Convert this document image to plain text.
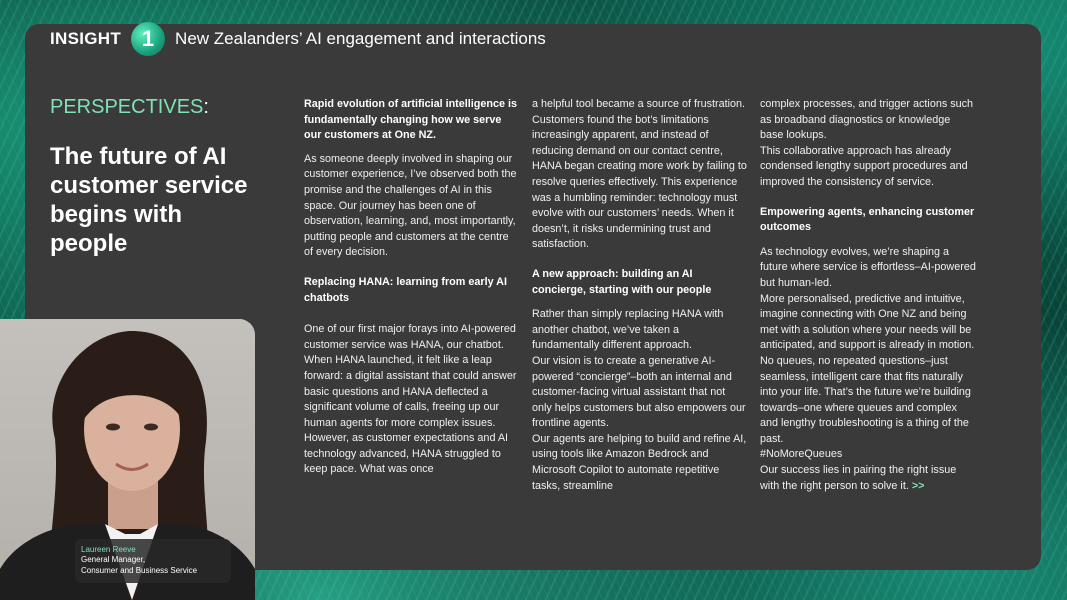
INSIGHT 1	New Zealanders’ AI engagement and interactions
PERSPECTIVES:
The future of AI customer service begins with people
Laureen Reeve
General Manager,
Consumer and Business Service
Rapid evolution of artificial intelligence is fundamentally changing how we serve our customers at One NZ.

As someone deeply involved in shaping our customer experience, I’ve observed both the promise and the challenges of AI in this space. Our journey has been one of observation, learning, and, most importantly, putting people and customers at the centre of every decision.

Replacing HANA: learning from early AI chatbots

One of our first major forays into AI-powered customer service was HANA, our chatbot. When HANA launched, it felt like a leap forward: a digital assistant that could answer basic questions and HANA deflected a significant volume of calls, freeing up our human agents for more complex issues.

However, as customer expectations and AI technology advanced, HANA struggled to keep pace. What was once

a helpful tool became a source of frustration. Customers found the bot’s limitations increasingly apparent, and instead of reducing demand on our contact centre, HANA began creating more work by failing to resolve queries effectively. This experience was a humbling reminder: technology must evolve with our customers’ needs. When it doesn’t, it risks undermining trust and satisfaction.

A new approach: building an AI concierge, starting with our people

Rather than simply replacing HANA with another chatbot, we’ve taken a fundamentally different approach.

Our vision is to create a generative AI-powered “concierge”–both an internal and customer-facing virtual assistant that not only helps customers but also empowers our frontline agents.

Our agents are helping to build and refine AI, using tools like Amazon Bedrock and Microsoft Copilot to automate repetitive tasks, streamline

complex processes, and trigger actions such as broadband diagnostics or knowledge base lookups.

This collaborative approach has already condensed lengthy support procedures and improved the consistency of service.

Empowering agents, enhancing customer outcomes

As technology evolves, we’re shaping a future where service is effortless–AI-powered but human-led.

More personalised, predictive and intuitive, imagine connecting with One NZ and being met with a solution where your needs will be anticipated, and support is already in motion.

No queues, no repeated questions–just seamless, intelligent care that fits naturally into your life. That’s the future we’re building towards–one where queues and complex and lengthy troubleshooting is a thing of the past.

#NoMoreQueues

Our success lies in pairing the right issue with the right person to solve it. >>
